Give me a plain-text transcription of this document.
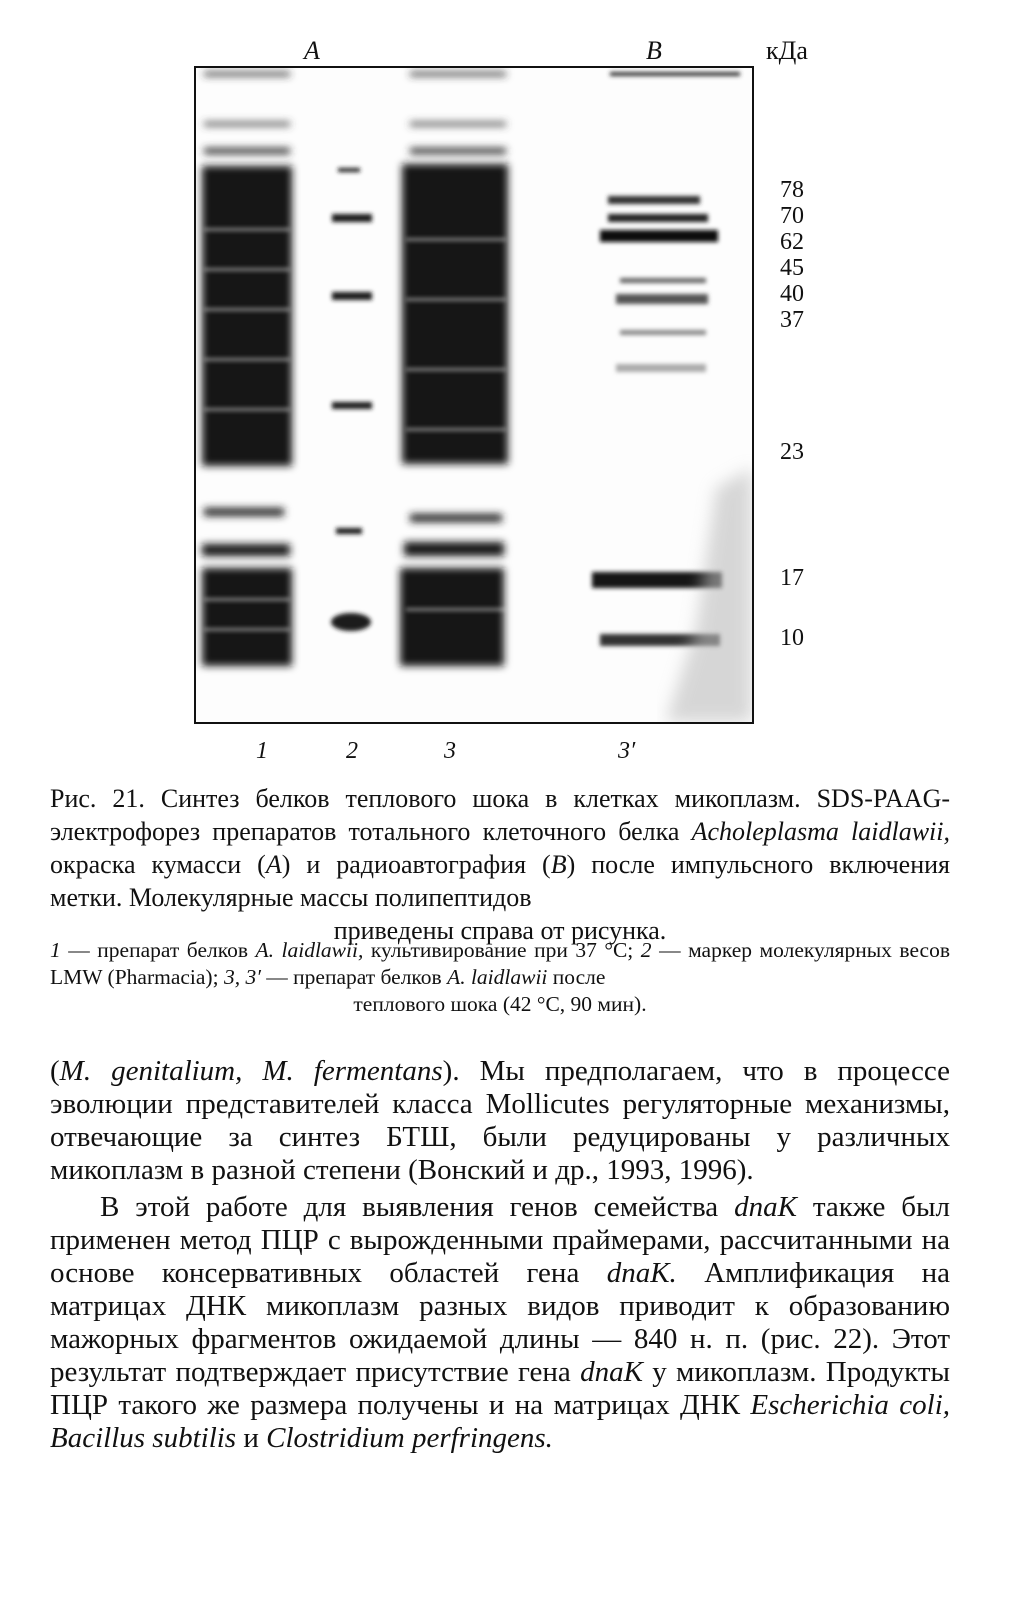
A	B	кДа
78
70
62
45
40
37
23
17
10
1	2	3	3′
Рис. 21. Синтез белков теплового шока в клетках микоплазм. SDS-PAAG-электрофорез препаратов тотального клеточного белка Acholeplasma laidlawii, окраска кумасси (A) и радиоавтография (B) после импульсного включения метки. Молекулярные массы полипептидов
приведены справа от рисунка.
1 — препарат белков A. laidlawii, культивирование при 37 °C; 2 — маркер молекулярных весов LMW (Pharmacia); 3, 3′ — препарат белков A. laidlawii после
теплового шока (42 °C, 90 мин).

(M. genitalium, M. fermentans). Мы предполагаем, что в процессе эволюции представителей класса Mollicutes регуляторные механизмы, отвечающие за синтез БТШ, были редуцированы у различных микоплазм в разной степени (Вонский и др., 1993, 1996).

В этой работе для выявления генов семейства dnaK также был применен метод ПЦР с вырожденными праймерами, рассчитанными на основе консервативных областей гена dnaK. Амплификация на матрицах ДНК микоплазм разных видов приводит к образованию мажорных фрагментов ожидаемой длины — 840 н. п. (рис. 22). Этот результат подтверждает присутствие гена dnaK у микоплазм. Продукты ПЦР такого же размера получены и на матрицах ДНК Escherichia coli, Bacillus subtilis и Clostridium perfringens.
